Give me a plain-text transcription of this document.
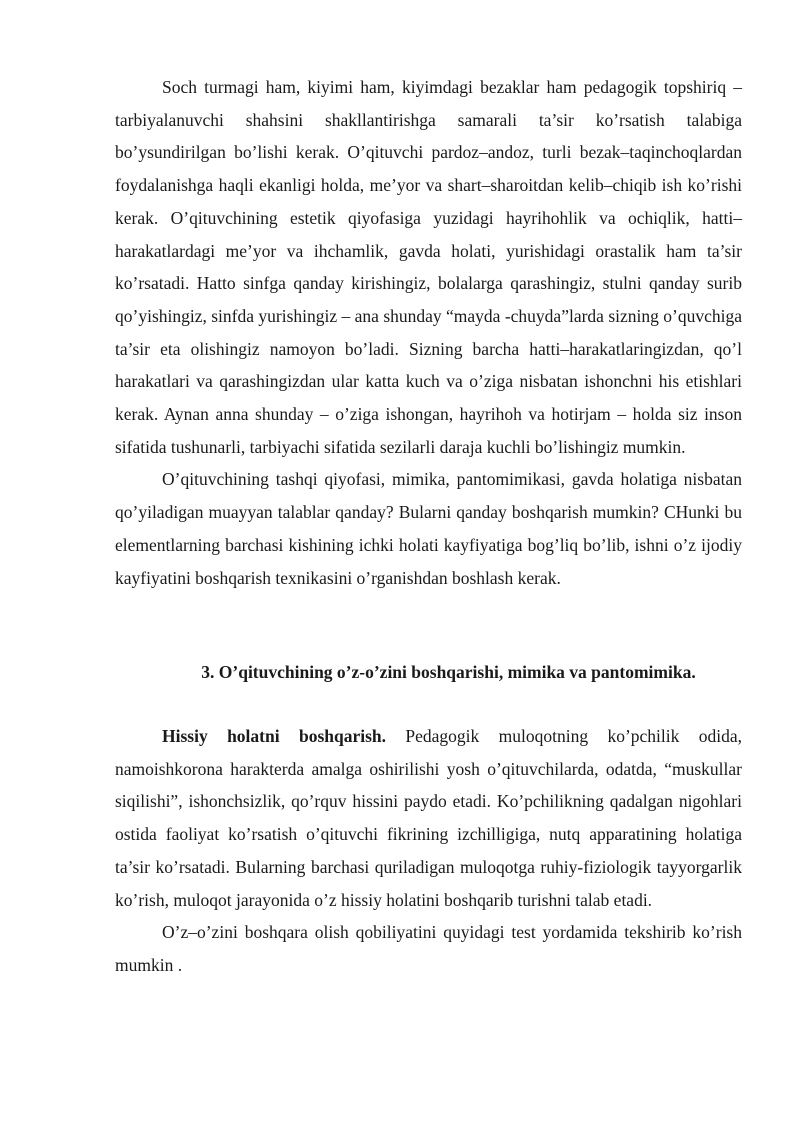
Soch turmagi ham, kiyimi ham, kiyimdagi bezaklar ham pedagogik topshiriq – tarbiyalanuvchi shahsini shakllantirishga samarali ta’sir ko’rsatish talabiga bo’ysundirilgan bo’lishi kerak. O’qituvchi pardoz–andoz, turli bezak–taqinchoqlardan foydalanishga haqli ekanligi holda, me’yor va shart–sharoitdan kelib–chiqib ish ko’rishi kerak. O’qituvchining estetik qiyofasiga yuzidagi hayrihohlik va ochiqlik, hatti–harakatlardagi me’yor va ihchamlik, gavda holati, yurishidagi orastalik ham ta’sir ko’rsatadi. Hatto sinfga qanday kirishingiz, bolalarga qarashingiz, stulni qanday surib qo’yishingiz, sinfda yurishingiz – ana shunday “mayda -chuyda”larda sizning o’quvchiga ta’sir eta olishingiz namoyon bo’ladi. Sizning barcha hatti–harakatlaringizdan, qo’l harakatlari va qarashingizdan ular katta kuch va o’ziga nisbatan ishonchni his etishlari kerak. Aynan anna shunday – o’ziga ishongan, hayrihoh va hotirjam – holda siz inson sifatida tushunarli, tarbiyachi sifatida sezilarli daraja kuchli bo’lishingiz mumkin.

O’qituvchining tashqi qiyofasi, mimika, pantomimikasi, gavda holatiga nisbatan qo’yiladigan muayyan talablar qanday? Bularni qanday boshqarish mumkin? CHunki bu elementlarning barchasi kishining ichki holati kayfiyatiga bog’liq bo’lib, ishni o’z ijodiy kayfiyatini boshqarish texnikasini o’rganishdan boshlash kerak.

3. O’qituvchining o’z-o’zini boshqarishi, mimika va pantomimika.

Hissiy holatni boshqarish. Pedagogik muloqotning ko’pchilik odida, namoishkorona harakterda amalga oshirilishi yosh o’qituvchilarda, odatda, “muskullar siqilishi”, ishonchsizlik, qo’rquv hissini paydo etadi. Ko’pchilikning qadalgan nigohlari ostida faoliyat ko’rsatish o’qituvchi fikrining izchilligiga, nutq apparatining holatiga ta’sir ko’rsatadi. Bularning barchasi quriladigan muloqotga ruhiy-fiziologik tayyorgarlik ko’rish, muloqot jarayonida o’z hissiy holatini boshqarib turishni talab etadi.

O’z–o’zini boshqara olish qobiliyatini quyidagi test yordamida tekshirib ko’rish mumkin .
